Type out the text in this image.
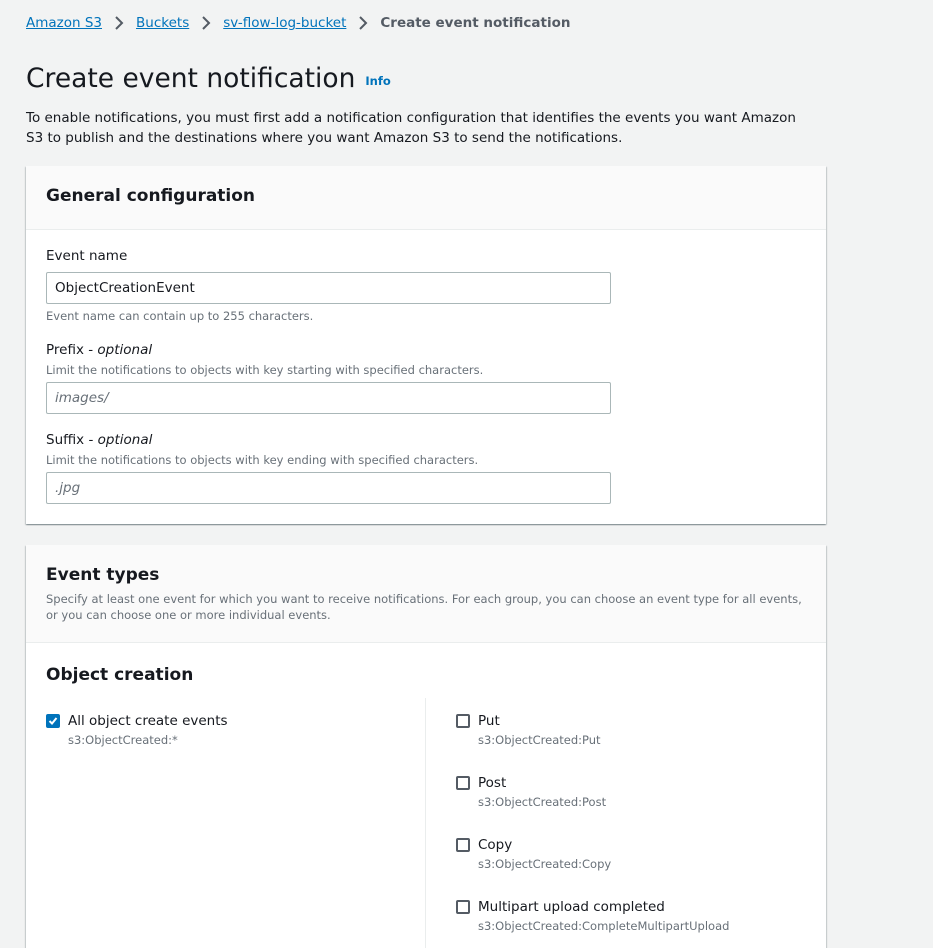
Amazon S3	Buckets	sv-flow-log-bucket	Create event notification
Create event notification Info

To enable notifications, you must first add a notification configuration that identifies the events you want Amazon S3 to publish and the destinations where you want Amazon S3 to send the notifications.

General configuration
Event name
ObjectCreationEvent
Event name can contain up to 255 characters.
Prefix - optional
Limit the notifications to objects with key starting with specified characters.
images/
Suffix - optional
Limit the notifications to objects with key ending with specified characters.
.jpg
Event types

Specify at least one event for which you want to receive notifications. For each group, you can choose an event type for all events, or you can choose one or more individual events.

Object creation
All object create events
s3:ObjectCreated:*
Put
s3:ObjectCreated:Put
Post
s3:ObjectCreated:Post
Copy
s3:ObjectCreated:Copy
Multipart upload completed
s3:ObjectCreated:CompleteMultipartUpload
